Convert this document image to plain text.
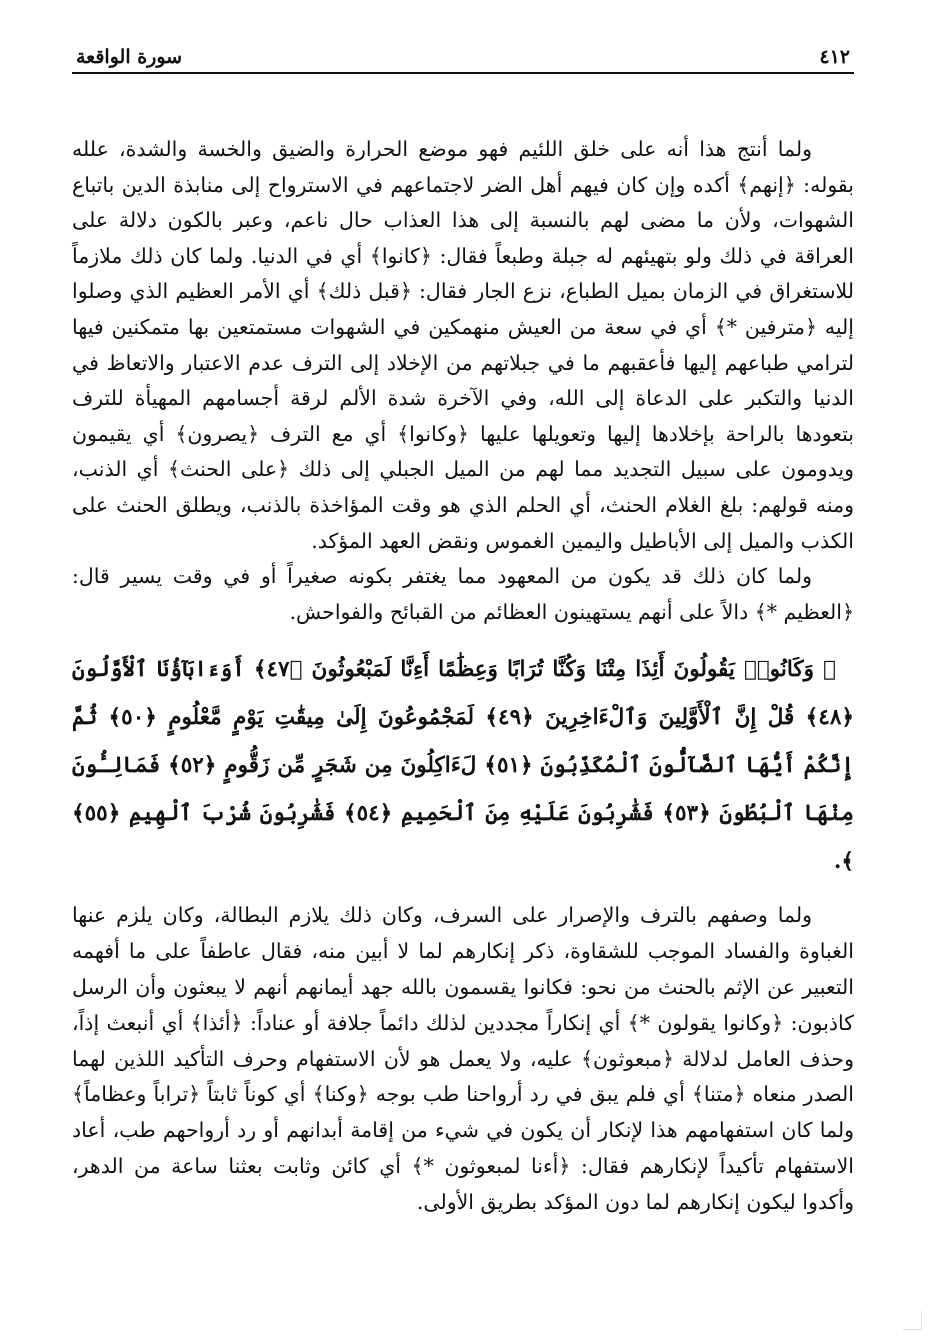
٤١٢
سورة الواقعة

ولما أنتج هذا أنه على خلق اللئيم فهو موضع الحرارة والضيق والخسة والشدة، علله بقوله: ﴿إنهم﴾ أكده وإن كان فيهم أهل الضر لاجتماعهم في الاسترواح إلى منابذة الدين باتباع الشهوات، ولأن ما مضى لهم بالنسبة إلى هذا العذاب حال ناعم، وعبر بالكون دلالة على العراقة في ذلك ولو بتهيئهم له جبلة وطبعاً فقال: ﴿كانوا﴾ أي في الدنيا. ولما كان ذلك ملازماً للاستغراق في الزمان بميل الطباع، نزع الجار فقال: ﴿قبل ذلك﴾ أي الأمر العظيم الذي وصلوا إليه ﴿مترفين *﴾ أي في سعة من العيش منهمكين في الشهوات مستمتعين بها متمكنين فيها لترامي طباعهم إليها فأعقبهم ما في جبلاتهم من الإخلاد إلى الترف عدم الاعتبار والاتعاظ في الدنيا والتكبر على الدعاة إلى الله، وفي الآخرة شدة الألم لرقة أجسامهم المهيأة للترف بتعودها بالراحة بإخلادها إليها وتعويلها عليها ﴿وكانوا﴾ أي مع الترف ﴿يصرون﴾ أي يقيمون ويدومون على سبيل التجديد مما لهم من الميل الجبلي إلى ذلك ﴿على الحنث﴾ أي الذنب، ومنه قولهم: بلغ الغلام الحنث، أي الحلم الذي هو وقت المؤاخذة بالذنب، ويطلق الحنث على الكذب والميل إلى الأباطيل واليمين الغموس ونقض العهد المؤكد.

ولما كان ذلك قد يكون من المعهود مما يغتفر بكونه صغيراً أو في وقت يسير قال: ﴿العظيم *﴾ دالاً على أنهم يستهينون العظائم من القبائح والفواحش.

﴿ وَكَانُوا۟ يَقُولُونَ أَئِذَا مِتْنَا وَكُنَّا تُرَابًا وَعِظَٰمًا أَءِنَّا لَمَبْعُوثُونَ ﴿٤٧﴾ أَوَءَابَآؤُنَا ٱلْأَوَّلُونَ ﴿٤٨﴾ قُلْ إِنَّ ٱلْأَوَّلِينَ وَٱلْءَاخِرِينَ ﴿٤٩﴾ لَمَجْمُوعُونَ إِلَىٰ مِيقَٰتِ يَوْمٍ مَّعْلُومٍ ﴿٥٠﴾ ثُمَّ إِنَّكُمْ أَيُّهَا ٱلضَّآلُّونَ ٱلْمُكَذِّبُونَ ﴿٥١﴾ لَءَاكِلُونَ مِن شَجَرٍ مِّن زَقُّومٍ ﴿٥٢﴾ فَمَالِـُٔونَ مِنْهَا ٱلْبُطُونَ ﴿٥٣﴾ فَشَٰرِبُونَ عَلَيْهِ مِنَ ٱلْحَمِيمِ ﴿٥٤﴾ فَشَٰرِبُونَ شُرْبَ ٱلْهِيمِ ﴿٥٥﴾ ﴾.

ولما وصفهم بالترف والإصرار على السرف، وكان ذلك يلازم البطالة، وكان يلزم عنها الغباوة والفساد الموجب للشقاوة، ذكر إنكارهم لما لا أبين منه، فقال عاطفاً على ما أفهمه التعبير عن الإثم بالحنث من نحو: فكانوا يقسمون بالله جهد أيمانهم أنهم لا يبعثون وأن الرسل كاذبون: ﴿وكانوا يقولون *﴾ أي إنكاراً مجددين لذلك دائماً جلافة أو عناداً: ﴿أئذا﴾ أي أنبعث إذاً، وحذف العامل لدلالة ﴿مبعوثون﴾ عليه، ولا يعمل هو لأن الاستفهام وحرف التأكيد اللذين لهما الصدر منعاه ﴿متنا﴾ أي فلم يبق في رد أرواحنا طب بوجه ﴿وكنا﴾ أي كوناً ثابتاً ﴿تراباً وعظاماً﴾ ولما كان استفهامهم هذا لإنكار أن يكون في شيء من إقامة أبدانهم أو رد أرواحهم طب، أعاد الاستفهام تأكيداً لإنكارهم فقال: ﴿أءنا لمبعوثون *﴾ أي كائن وثابت بعثنا ساعة من الدهر، وأكدوا ليكون إنكارهم لما دون المؤكد بطريق الأولى.
